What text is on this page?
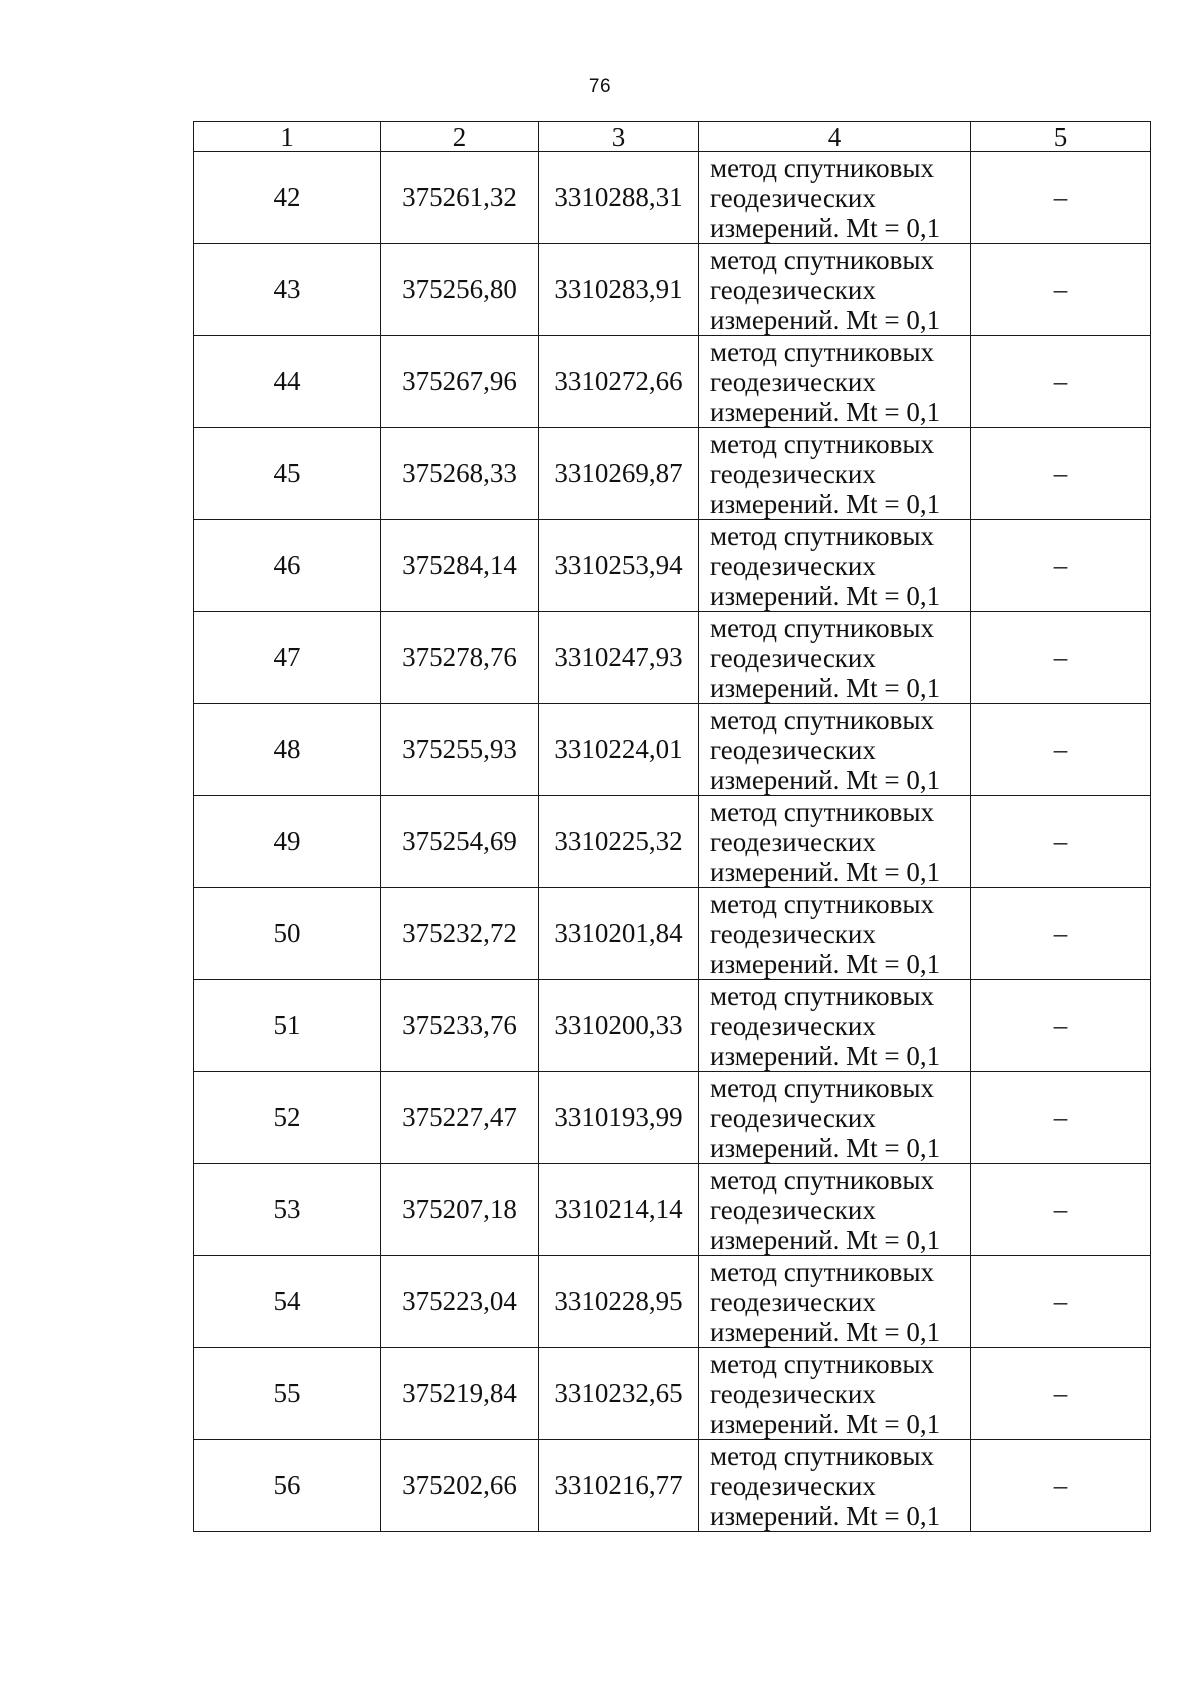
76
1	2	3	4	5
42	375261,32	3310288,31	метод спутниковых
геодезических
измерений. Mt = 0,1	–
43	375256,80	3310283,91	метод спутниковых
геодезических
измерений. Mt = 0,1	–
44	375267,96	3310272,66	метод спутниковых
геодезических
измерений. Mt = 0,1	–
45	375268,33	3310269,87	метод спутниковых
геодезических
измерений. Mt = 0,1	–
46	375284,14	3310253,94	метод спутниковых
геодезических
измерений. Mt = 0,1	–
47	375278,76	3310247,93	метод спутниковых
геодезических
измерений. Mt = 0,1	–
48	375255,93	3310224,01	метод спутниковых
геодезических
измерений. Mt = 0,1	–
49	375254,69	3310225,32	метод спутниковых
геодезических
измерений. Mt = 0,1	–
50	375232,72	3310201,84	метод спутниковых
геодезических
измерений. Mt = 0,1	–
51	375233,76	3310200,33	метод спутниковых
геодезических
измерений. Mt = 0,1	–
52	375227,47	3310193,99	метод спутниковых
геодезических
измерений. Mt = 0,1	–
53	375207,18	3310214,14	метод спутниковых
геодезических
измерений. Mt = 0,1	–
54	375223,04	3310228,95	метод спутниковых
геодезических
измерений. Mt = 0,1	–
55	375219,84	3310232,65	метод спутниковых
геодезических
измерений. Mt = 0,1	–
56	375202,66	3310216,77	метод спутниковых
геодезических
измерений. Mt = 0,1	–
